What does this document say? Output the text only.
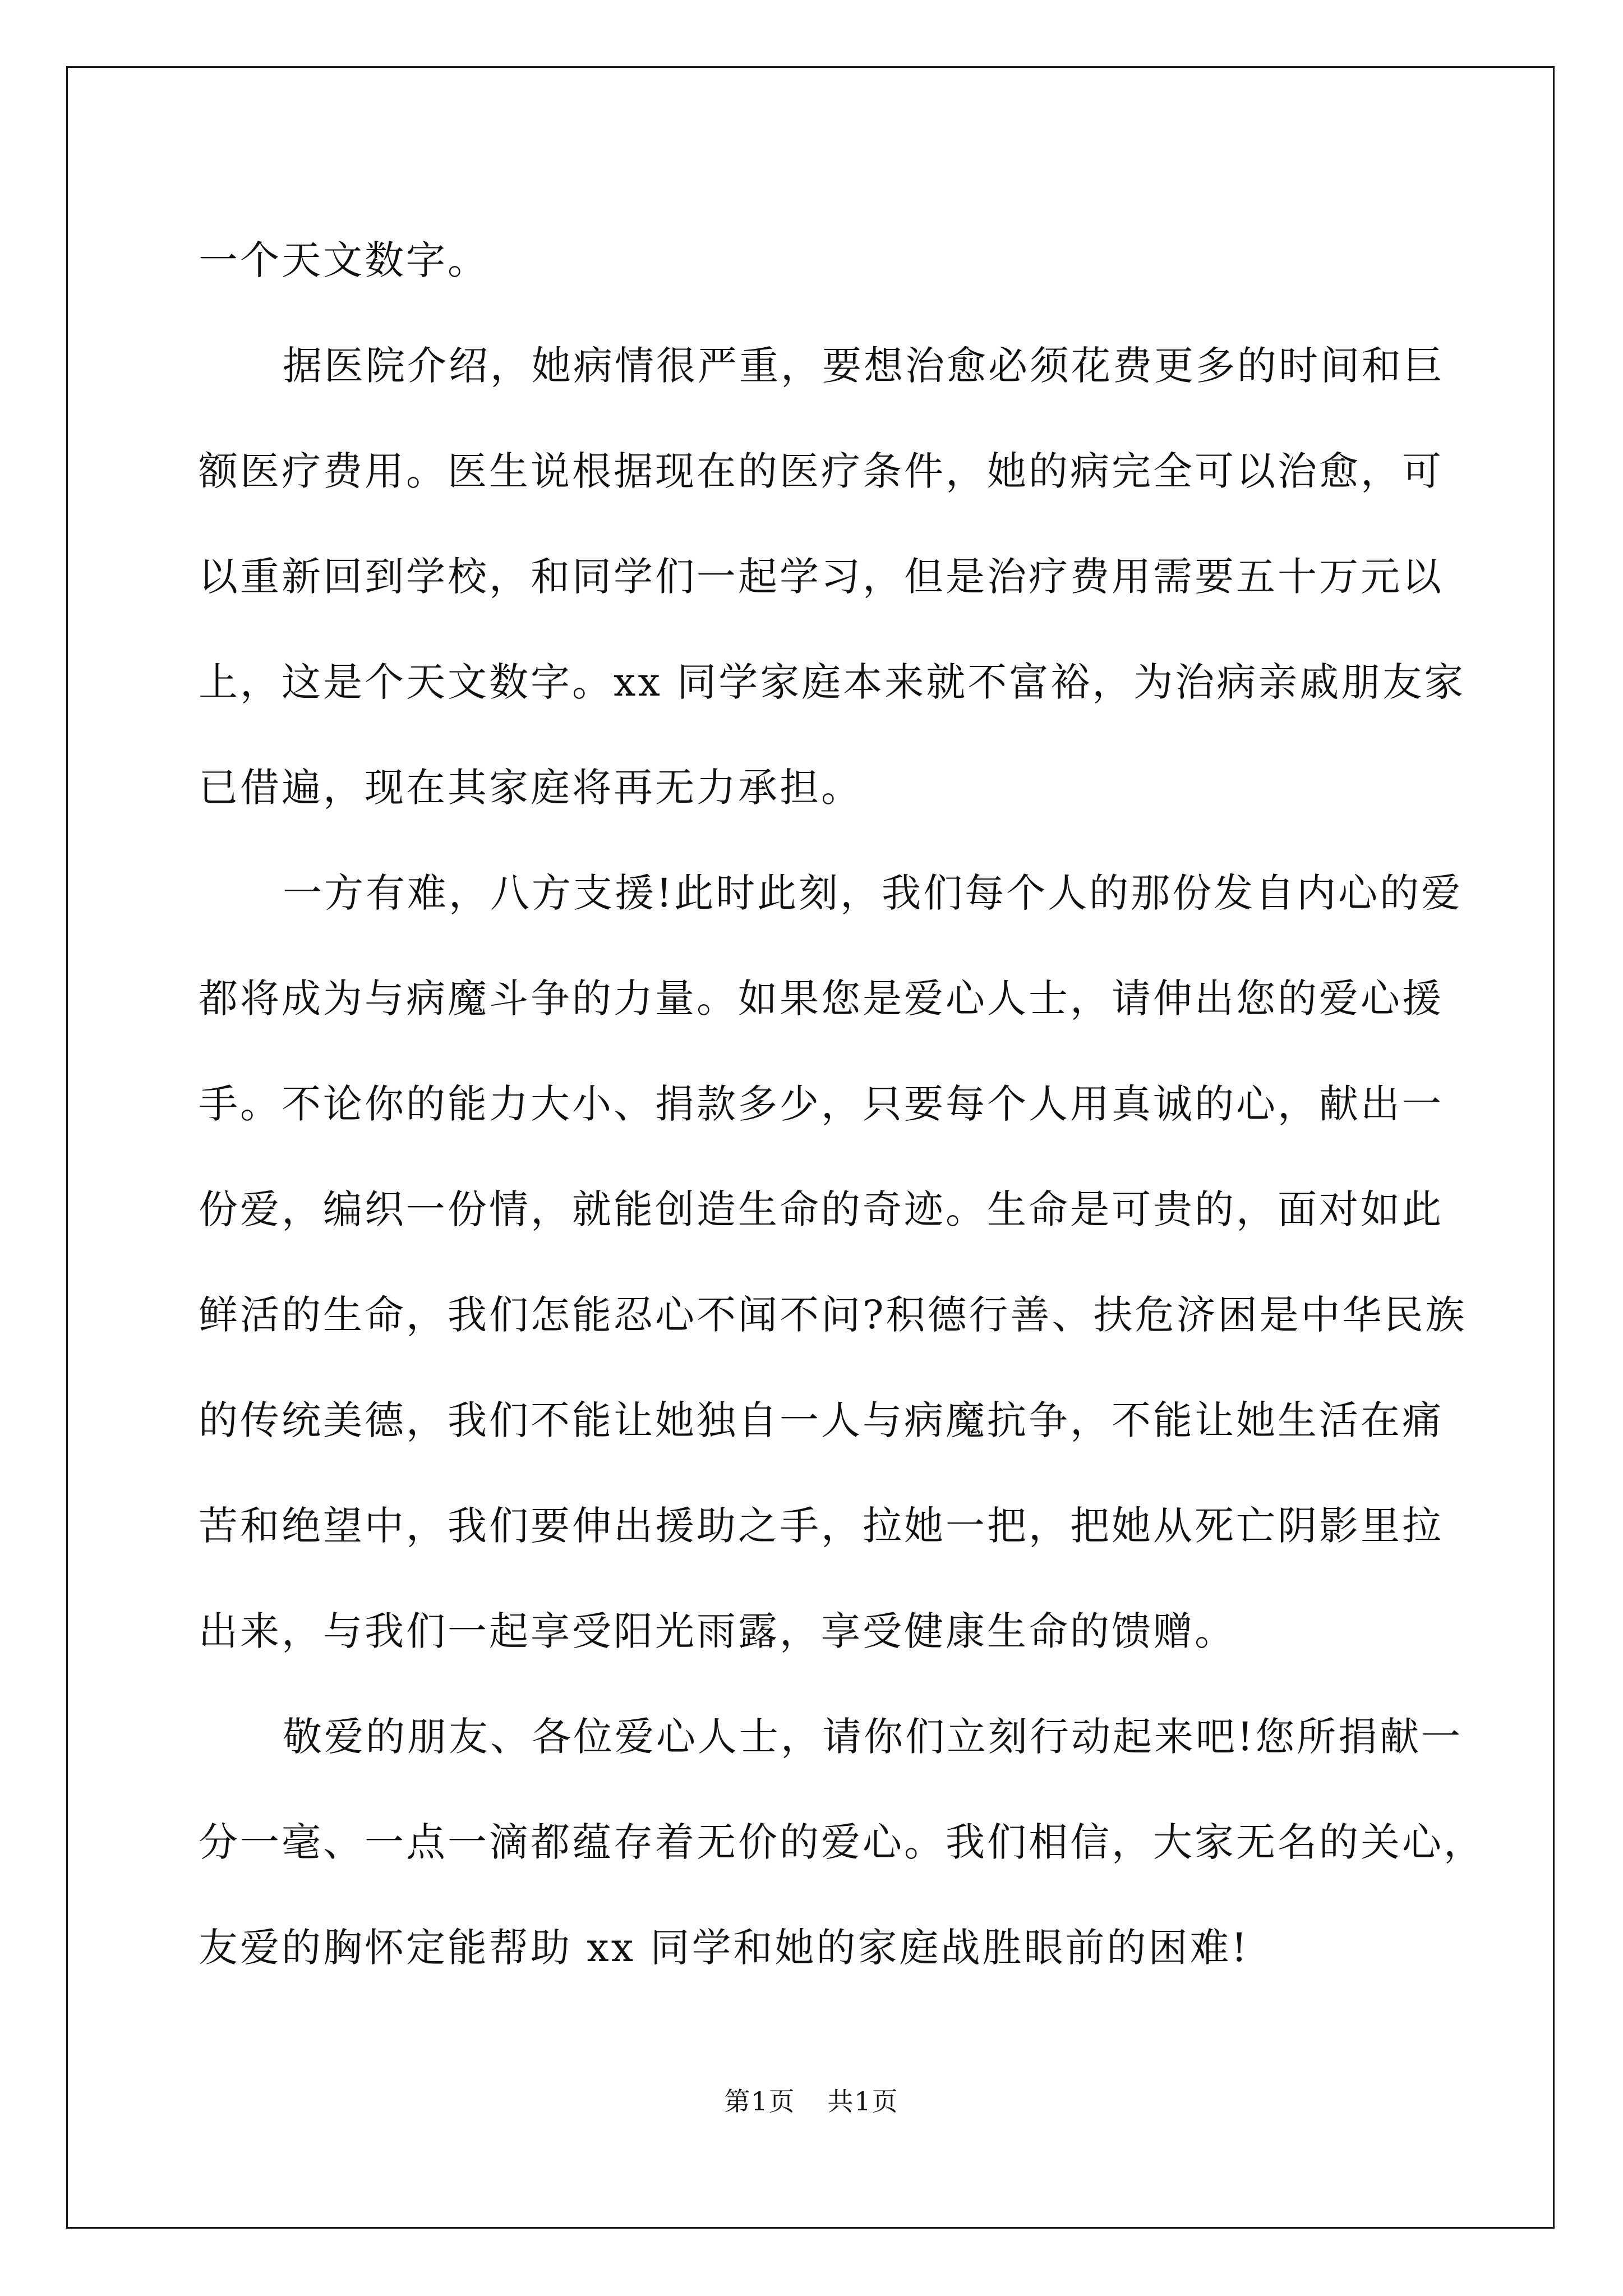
一个天文数字。
据医院介绍，她病情很严重，要想治愈必须花费更多的时间和巨
额医疗费用。医生说根据现在的医疗条件，她的病完全可以治愈，可
以重新回到学校，和同学们一起学习，但是治疗费用需要五十万元以
上，这是个天文数字。xx 同学家庭本来就不富裕，为治病亲戚朋友家
已借遍，现在其家庭将再无力承担。
一方有难，八方支援!此时此刻，我们每个人的那份发自内心的爱
都将成为与病魔斗争的力量。如果您是爱心人士，请伸出您的爱心援
手。不论你的能力大小、捐款多少，只要每个人用真诚的心，献出一
份爱，编织一份情，就能创造生命的奇迹。生命是可贵的，面对如此
鲜活的生命，我们怎能忍心不闻不问?积德行善、扶危济困是中华民族
的传统美德，我们不能让她独自一人与病魔抗争，不能让她生活在痛
苦和绝望中，我们要伸出援助之手，拉她一把，把她从死亡阴影里拉
出来，与我们一起享受阳光雨露，享受健康生命的馈赠。
敬爱的朋友、各位爱心人士，请你们立刻行动起来吧!您所捐献一
分一毫、一点一滴都蕴存着无价的爱心。我们相信，大家无名的关心，
友爱的胸怀定能帮助 xx 同学和她的家庭战胜眼前的困难!
第1页 共1页
